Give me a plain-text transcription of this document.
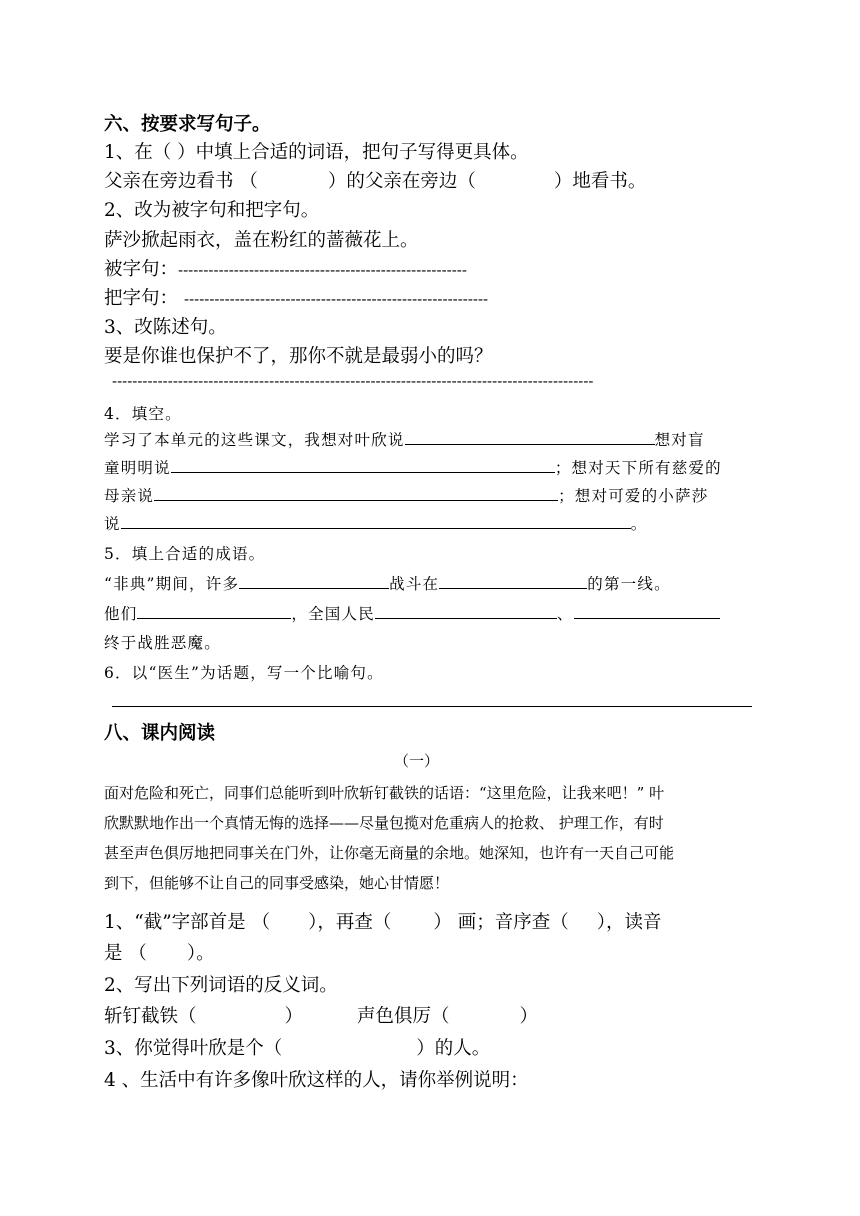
六、按要求写句子。
1、在（ ）中填上合适的词语，把句子写得更具体。
父亲在旁边看书 （	）的父亲在旁边（	）地看书。
2、改为被字句和把字句。
萨沙掀起雨衣，盖在粉红的蔷薇花上。
被字句：---------------------------------------------------------
把字句： ------------------------------------------------------------
3、改陈述句。
要是你谁也保护不了，那你不就是最弱小的吗？
-----------------------------------------------------------------------------------------------
4．填空。
学习了本单元的这些课文，我想对叶欣说	想对盲
童明明说	；想对天下所有慈爱的
母亲说	；想对可爱的小萨莎
说	。
5．填上合适的成语。
“非典”期间，许多	战斗在	的第一线。
他们	，全国人民	、
终于战胜恶魔。
6．以“医生”为话题，写一个比喻句。
八、课内阅读
（一）
面对危险和死亡，同事们总能听到叶欣斩钉截铁的话语：“这里危险，让我来吧！” 叶
欣默默地作出一个真情无悔的选择——尽量包揽对危重病人的抢救、 护理工作，有时
甚至声色俱厉地把同事关在门外，让你毫无商量的余地。她深知，也许有一天自己可能
到下，但能够不让自己的同事受感染，她心甘情愿！
1、“截”字部首是 （ ），再查（ ） 画；音序查（ ），读音
是 （ ）。
2、写出下列词语的反义词。
斩钉截铁（	）	声色俱厉（	）
3、你觉得叶欣是个（	）的人。
4 、生活中有许多像叶欣这样的人，请你举例说明：
